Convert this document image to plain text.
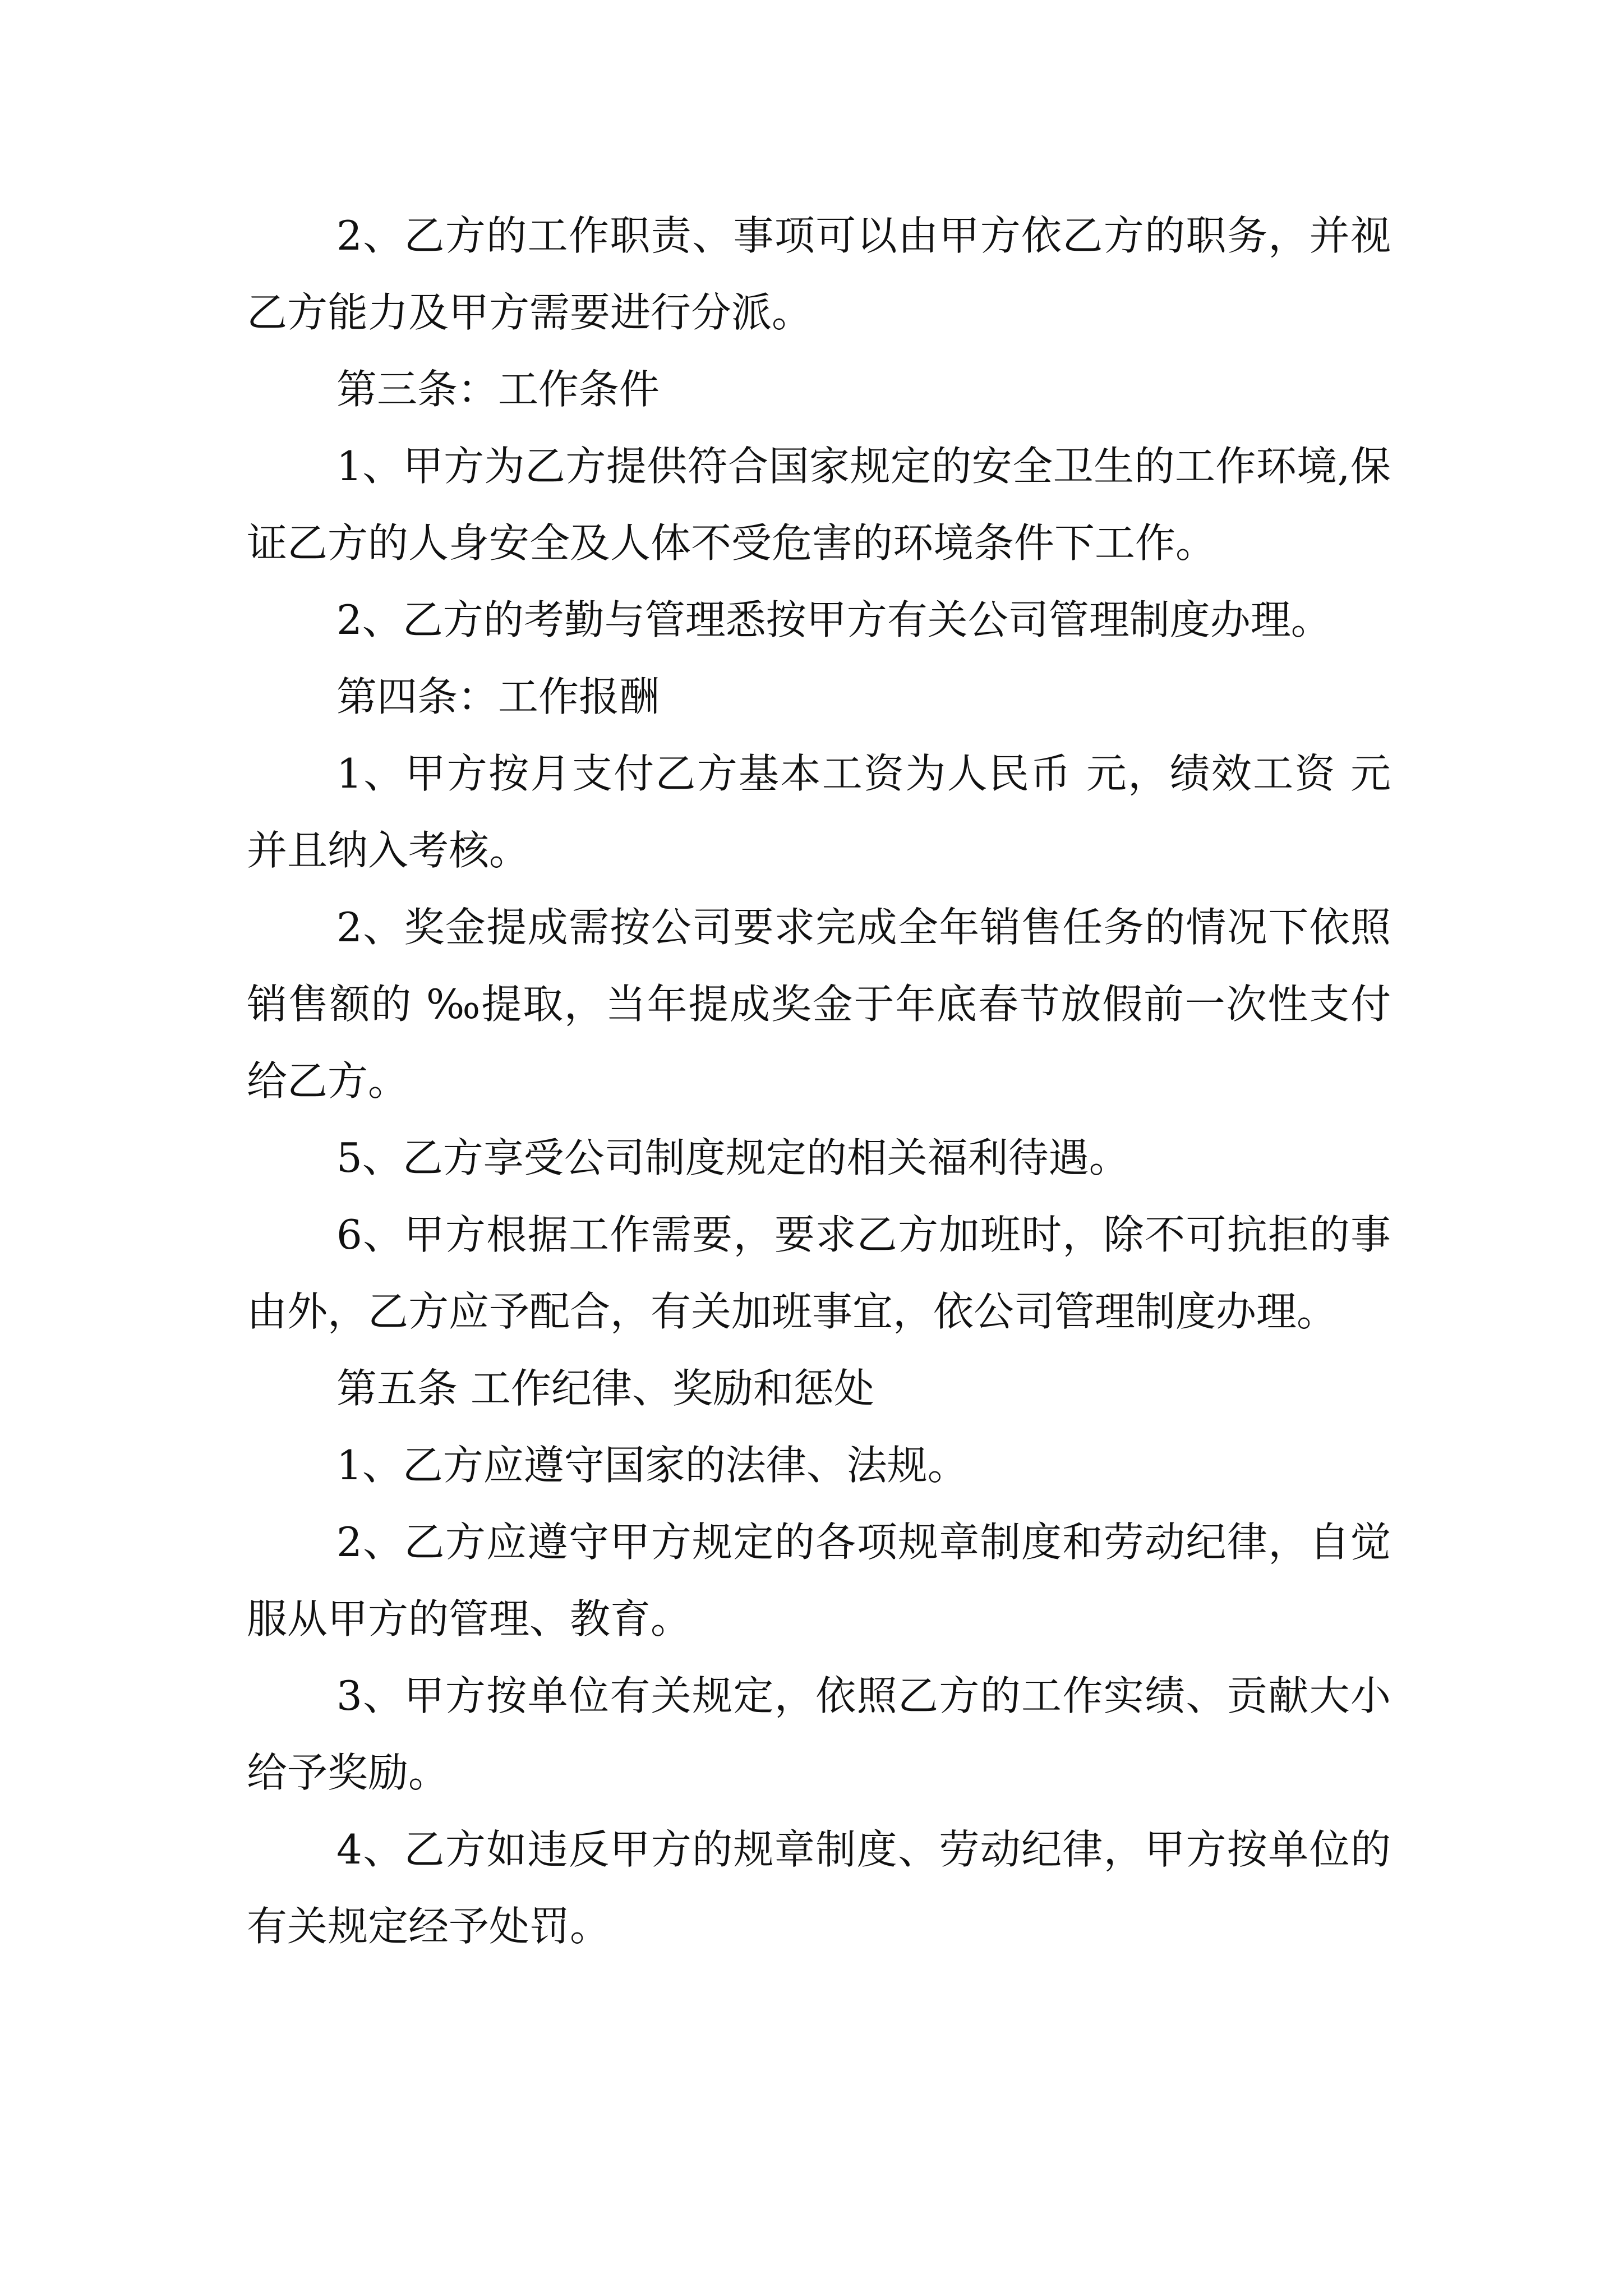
2、乙方的工作职责、事项可以由甲方依乙方的职务，并视乙方能力及甲方需要进行分派。

第三条：工作条件

1、甲方为乙方提供符合国家规定的安全卫生的工作环境,保证乙方的人身安全及人体不受危害的环境条件下工作。

2、乙方的考勤与管理悉按甲方有关公司管理制度办理。

第四条：工作报酬

1、甲方按月支付乙方基本工资为人民币 元，绩效工资 元并且纳入考核。

2、奖金提成需按公司要求完成全年销售任务的情况下依照销售额的 ‰提取，当年提成奖金于年底春节放假前一次性支付给乙方。

5、乙方享受公司制度规定的相关福利待遇。

6、甲方根据工作需要，要求乙方加班时，除不可抗拒的事由外，乙方应予配合，有关加班事宜，依公司管理制度办理。

第五条 工作纪律、奖励和惩处

1、乙方应遵守国家的法律、法规。

2、乙方应遵守甲方规定的各项规章制度和劳动纪律，自觉服从甲方的管理、教育。

3、甲方按单位有关规定，依照乙方的工作实绩、贡献大小给予奖励。

4、乙方如违反甲方的规章制度、劳动纪律，甲方按单位的有关规定经予处罚。
